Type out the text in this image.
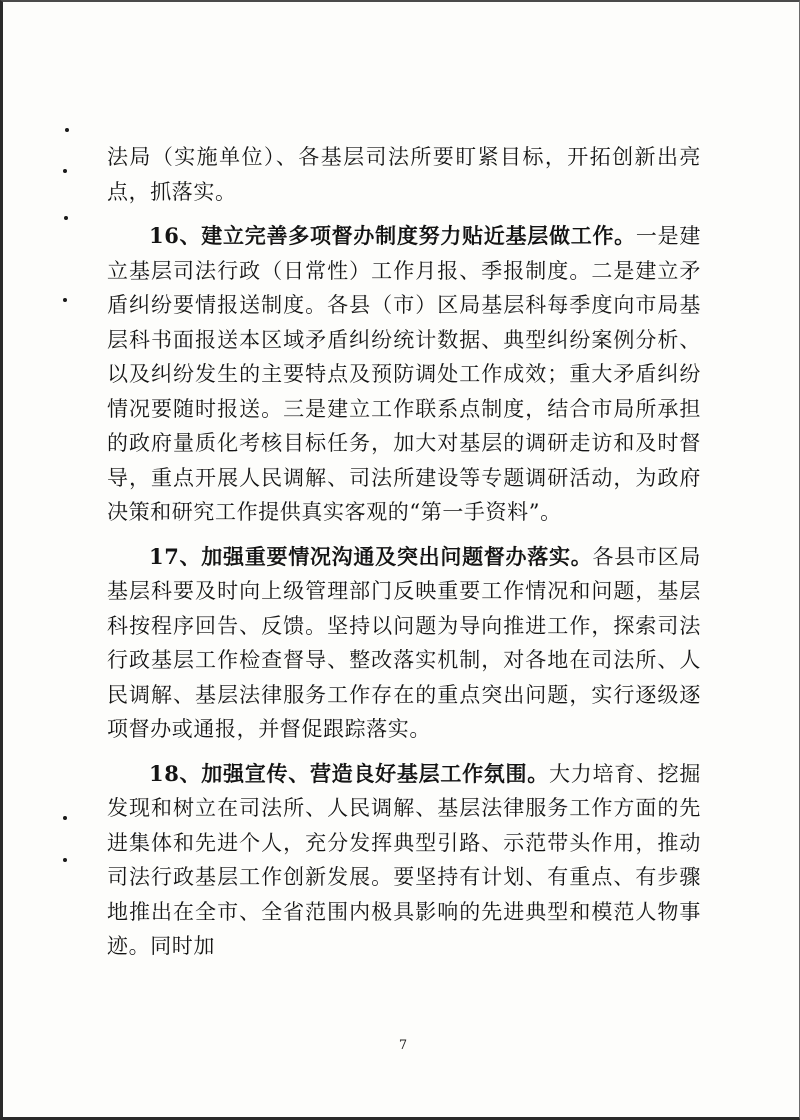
法局（实施单位）、各基层司法所要盯紧目标，开拓创新出亮点，抓落实。

16、建立完善多项督办制度努力贴近基层做工作。一是建立基层司法行政（日常性）工作月报、季报制度。二是建立矛盾纠纷要情报送制度。各县（市）区局基层科每季度向市局基层科书面报送本区域矛盾纠纷统计数据、典型纠纷案例分析、以及纠纷发生的主要特点及预防调处工作成效；重大矛盾纠纷情况要随时报送。三是建立工作联系点制度，结合市局所承担的政府量质化考核目标任务，加大对基层的调研走访和及时督导，重点开展人民调解、司法所建设等专题调研活动，为政府决策和研究工作提供真实客观的“第一手资料”。

17、加强重要情况沟通及突出问题督办落实。各县市区局基层科要及时向上级管理部门反映重要工作情况和问题，基层科按程序回告、反馈。坚持以问题为导向推进工作，探索司法行政基层工作检查督导、整改落实机制，对各地在司法所、人民调解、基层法律服务工作存在的重点突出问题，实行逐级逐项督办或通报，并督促跟踪落实。

18、加强宣传、营造良好基层工作氛围。大力培育、挖掘发现和树立在司法所、人民调解、基层法律服务工作方面的先进集体和先进个人，充分发挥典型引路、示范带头作用，推动司法行政基层工作创新发展。要坚持有计划、有重点、有步骤地推出在全市、全省范围内极具影响的先进典型和模范人物事迹。同时加

7
